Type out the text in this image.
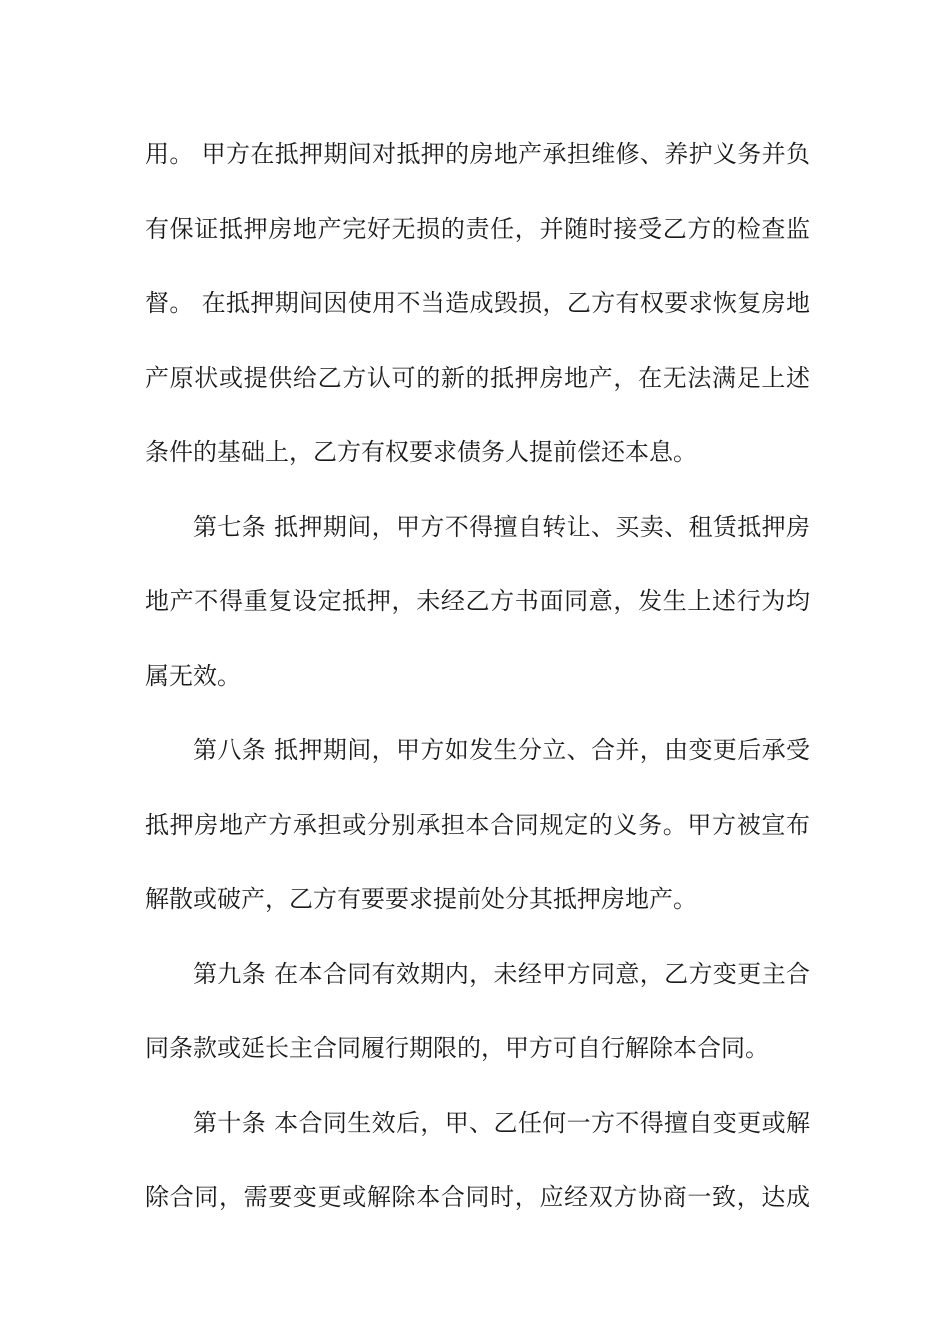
用。 甲方在抵押期间对抵押的房地产承担维修、养护义务并负
有保证抵押房地产完好无损的责任，并随时接受乙方的检查监
督。 在抵押期间因使用不当造成毁损，乙方有权要求恢复房地
产原状或提供给乙方认可的新的抵押房地产，在无法满足上述
条件的基础上，乙方有权要求债务人提前偿还本息。
第七条 抵押期间，甲方不得擅自转让、买卖、租赁抵押房
地产不得重复设定抵押，未经乙方书面同意，发生上述行为均
属无效。
第八条 抵押期间，甲方如发生分立、合并，由变更后承受
抵押房地产方承担或分别承担本合同规定的义务。甲方被宣布
解散或破产，乙方有要要求提前处分其抵押房地产。
第九条 在本合同有效期内，未经甲方同意，乙方变更主合
同条款或延长主合同履行期限的，甲方可自行解除本合同。
第十条 本合同生效后，甲、乙任何一方不得擅自变更或解
除合同，需要变更或解除本合同时，应经双方协商一致，达成
